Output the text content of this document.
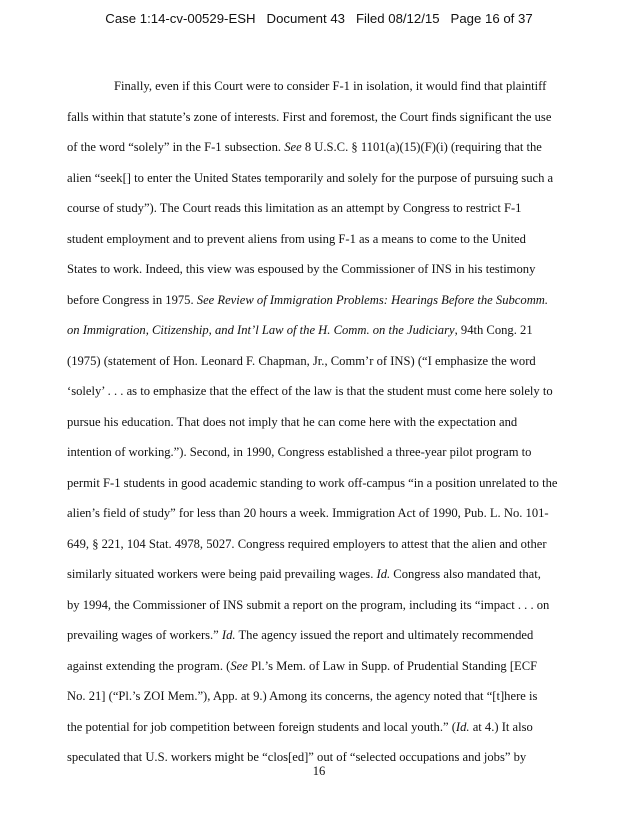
Case 1:14-cv-00529-ESH   Document 43   Filed 08/12/15   Page 16 of 37
Finally, even if this Court were to consider F-1 in isolation, it would find that plaintiff
falls within that statute’s zone of interests. First and foremost, the Court finds significant the use
of the word “solely” in the F-1 subsection. See 8 U.S.C. § 1101(a)(15)(F)(i) (requiring that the
alien “seek[] to enter the United States temporarily and solely for the purpose of pursuing such a
course of study”). The Court reads this limitation as an attempt by Congress to restrict F-1
student employment and to prevent aliens from using F-1 as a means to come to the United
States to work. Indeed, this view was espoused by the Commissioner of INS in his testimony
before Congress in 1975. See Review of Immigration Problems: Hearings Before the Subcomm.
on Immigration, Citizenship, and Int’l Law of the H. Comm. on the Judiciary, 94th Cong. 21
(1975) (statement of Hon. Leonard F. Chapman, Jr., Comm’r of INS) (“I emphasize the word
‘solely’ . . . as to emphasize that the effect of the law is that the student must come here solely to
pursue his education. That does not imply that he can come here with the expectation and
intention of working.”). Second, in 1990, Congress established a three-year pilot program to
permit F-1 students in good academic standing to work off-campus “in a position unrelated to the
alien’s field of study” for less than 20 hours a week. Immigration Act of 1990, Pub. L. No. 101-
649, § 221, 104 Stat. 4978, 5027. Congress required employers to attest that the alien and other
similarly situated workers were being paid prevailing wages. Id. Congress also mandated that,
by 1994, the Commissioner of INS submit a report on the program, including its “impact . . . on
prevailing wages of workers.” Id. The agency issued the report and ultimately recommended
against extending the program. (See Pl.’s Mem. of Law in Supp. of Prudential Standing [ECF
No. 21] (“Pl.’s ZOI Mem.”), App. at 9.) Among its concerns, the agency noted that “[t]here is
the potential for job competition between foreign students and local youth.” (Id. at 4.) It also
speculated that U.S. workers might be “clos[ed]” out of “selected occupations and jobs” by
16
